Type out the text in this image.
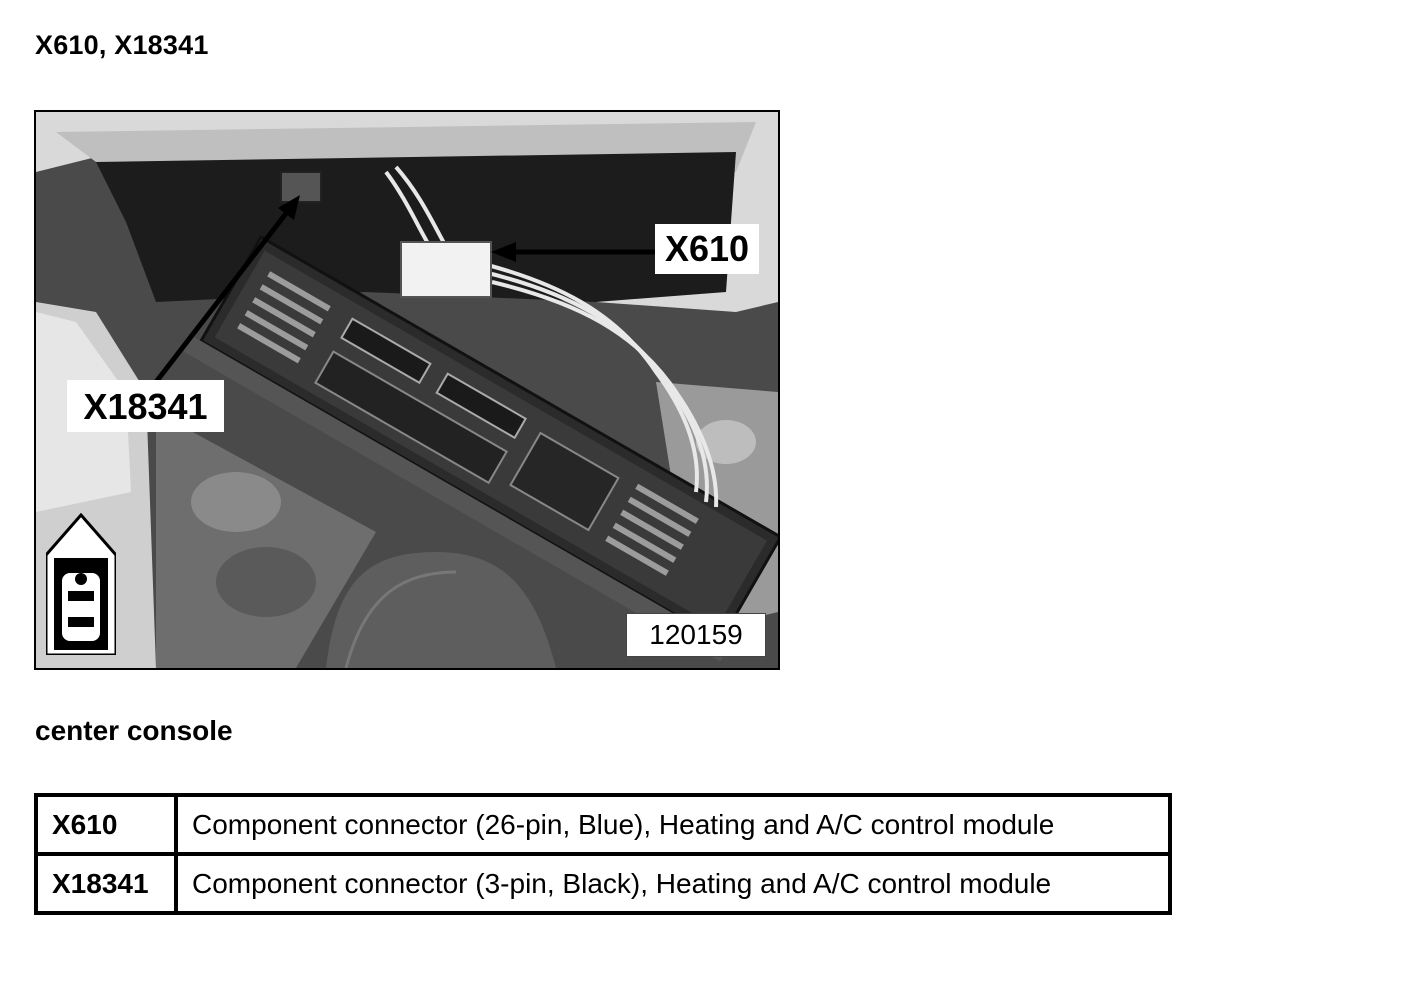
X610, X18341
X610
X18341
120159
center console
X610	Component connector (26-pin, Blue), Heating and A/C control module
X18341	Component connector (3-pin, Black), Heating and A/C control module
